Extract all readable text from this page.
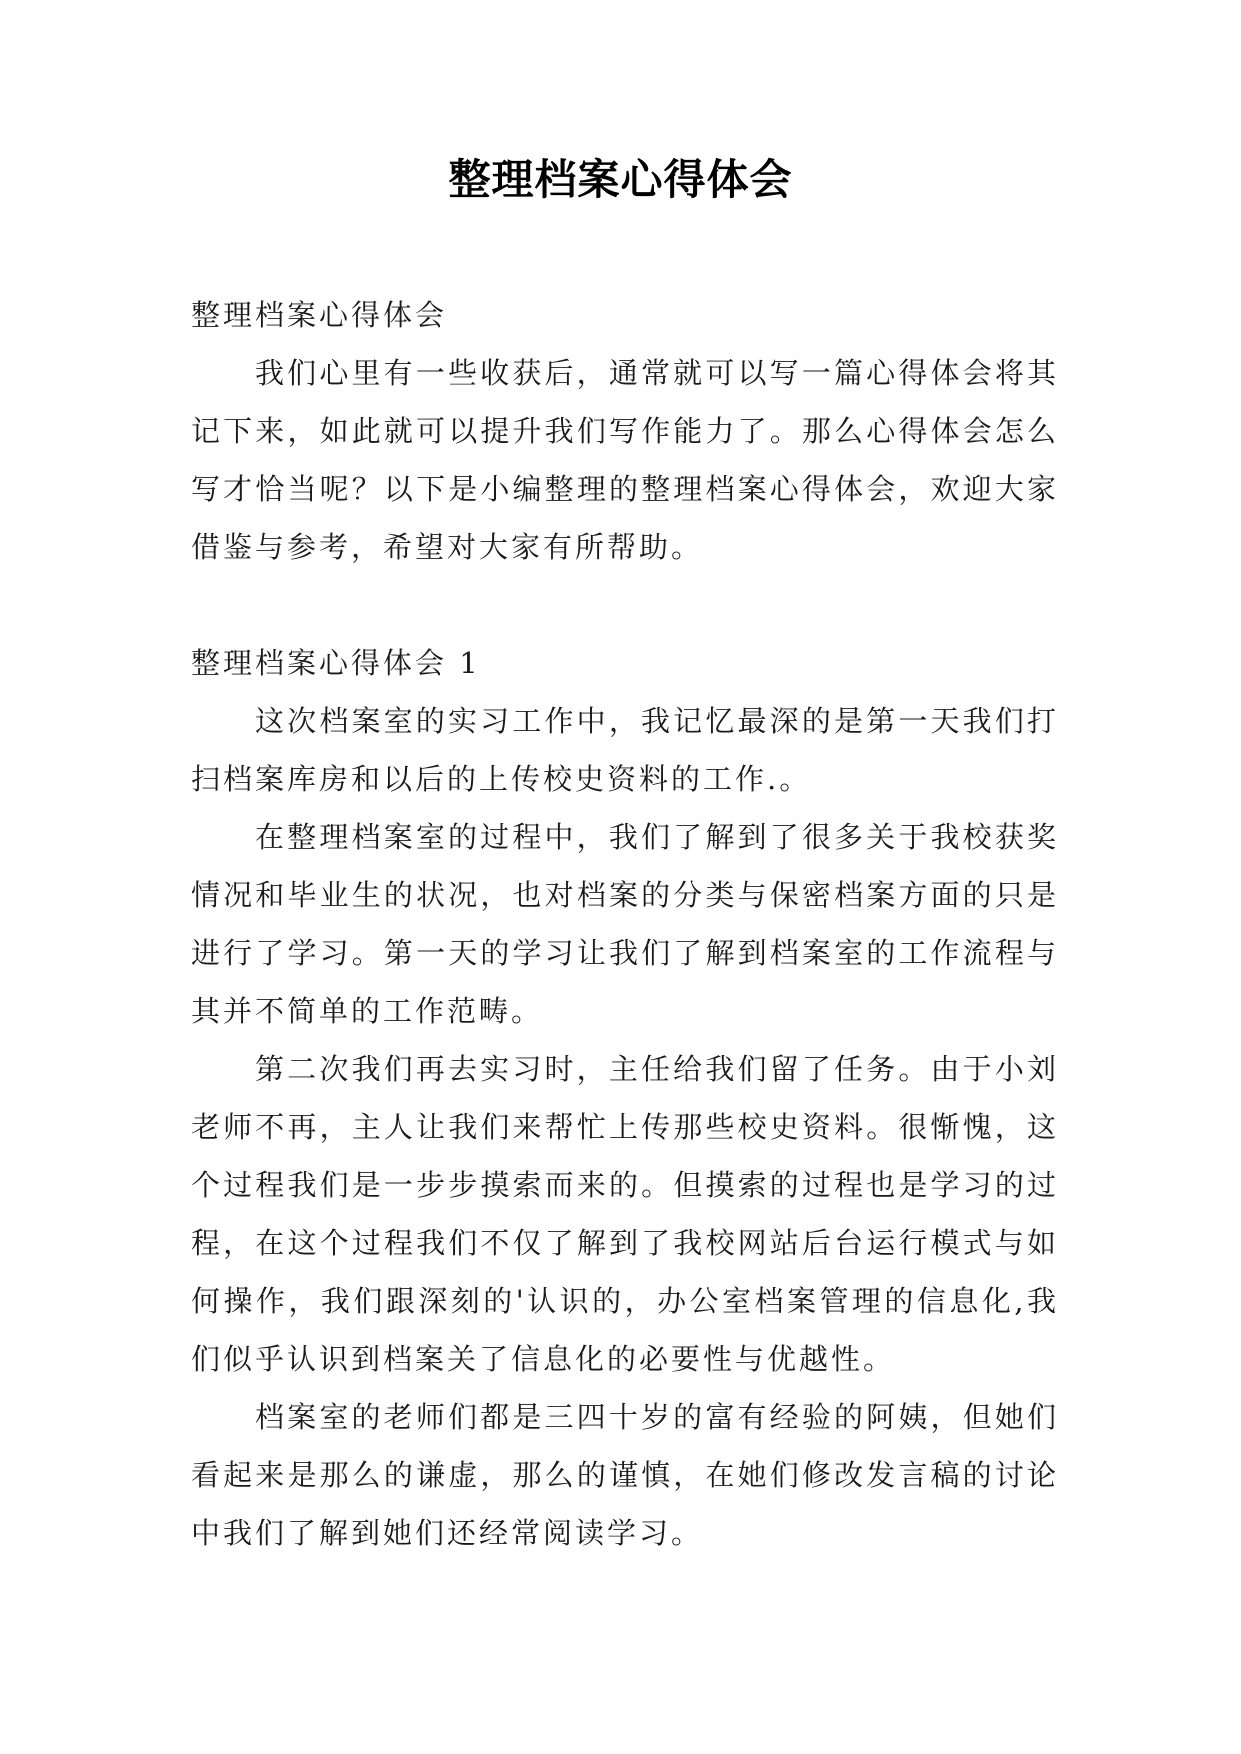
整理档案心得体会

整理档案心得体会

我们心里有一些收获后，通常就可以写一篇心得体会将其记下来，如此就可以提升我们写作能力了。那么心得体会怎么写才恰当呢？以下是小编整理的整理档案心得体会，欢迎大家借鉴与参考，希望对大家有所帮助。

整理档案心得体会 1

这次档案室的实习工作中，我记忆最深的是第一天我们打扫档案库房和以后的上传校史资料的工作.。

在整理档案室的过程中，我们了解到了很多关于我校获奖情况和毕业生的状况，也对档案的分类与保密档案方面的只是进行了学习。第一天的学习让我们了解到档案室的工作流程与其并不简单的工作范畴。

第二次我们再去实习时，主任给我们留了任务。由于小刘老师不再，主人让我们来帮忙上传那些校史资料。很惭愧，这个过程我们是一步步摸索而来的。但摸索的过程也是学习的过程，在这个过程我们不仅了解到了我校网站后台运行模式与如何操作，我们跟深刻的'认识的，办公室档案管理的信息化,我们似乎认识到档案关了信息化的必要性与优越性。

档案室的老师们都是三四十岁的富有经验的阿姨，但她们看起来是那么的谦虚，那么的谨慎，在她们修改发言稿的讨论中我们了解到她们还经常阅读学习。
